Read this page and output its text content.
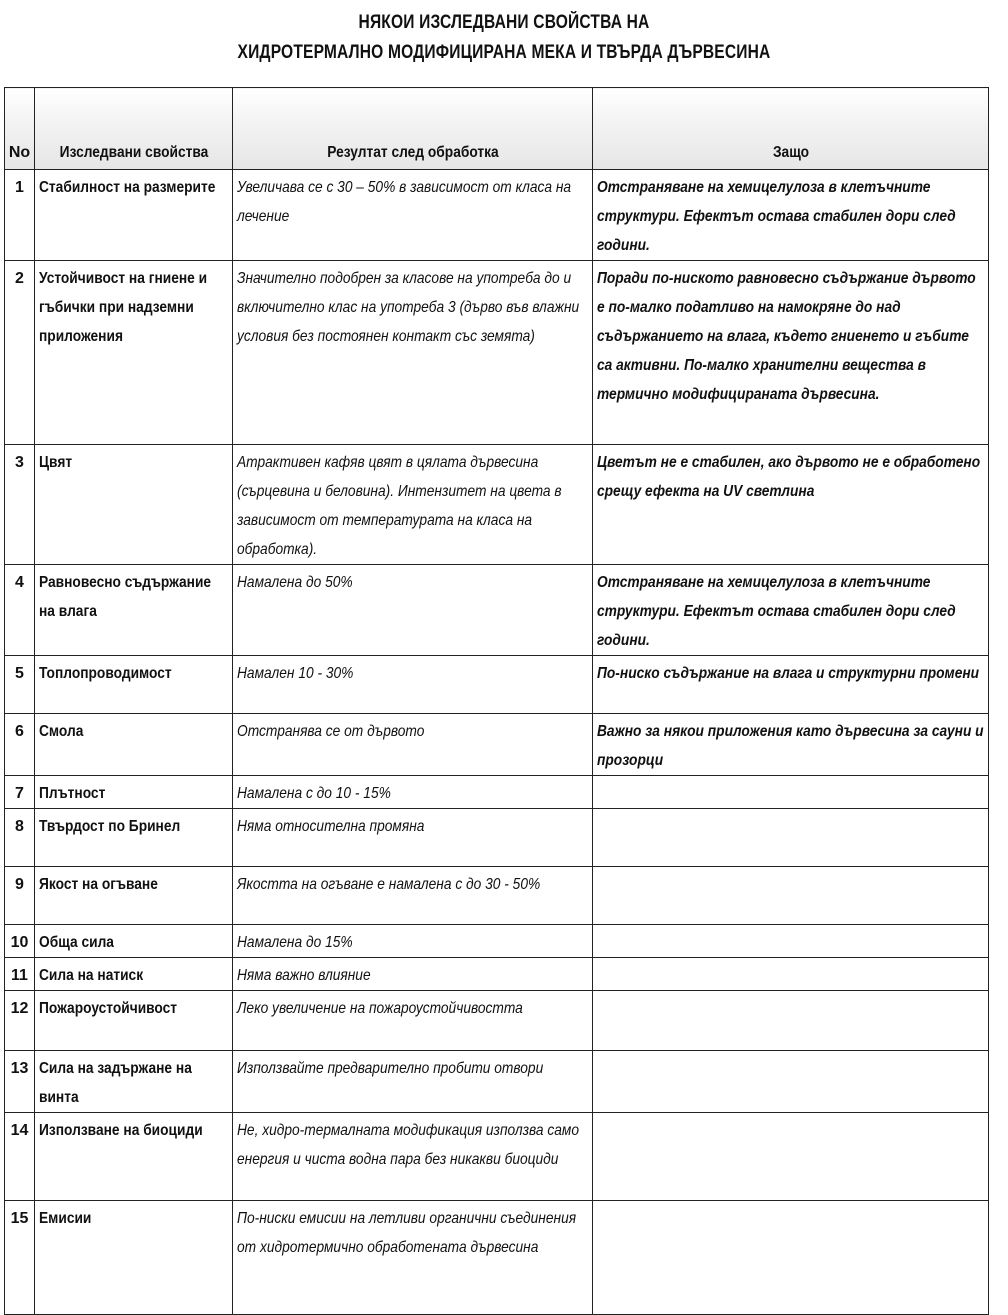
НЯКОИ ИЗСЛЕДВАНИ СВОЙСТВА НА
ХИДРОТЕРМАЛНО МОДИФИЦИРАНА МЕКА И ТВЪРДА ДЪРВЕСИНА
No	Изследвани свойства	Резултат след обработка	Защо

1	Стабилност на размерите	Увеличава се с 30 – 50% в зависимост от класа на лечение	Отстраняване на хемицелулоза в клетъчните структури. Ефектът остава стабилен дори след години.

2	Устойчивост на гниене и гъбички при надземни приложения	Значително подобрен за класове на употреба до и включително клас на употреба 3 (дърво във влажни условия без постоянен контакт със земята)	Поради по-ниското равновесно съдържание дървото е по-малко податливо на намокряне до над съдържанието на влага, където гниенето и гъбите са активни. По-малко хранителни вещества в термично модифицираната дървесина.

3	Цвят	Атрактивен кафяв цвят в цялата дървесина (сърцевина и беловина). Интензитет на цвета в зависимост от температурата на класа на обработка).	Цветът не е стабилен, ако дървото не е обработено срещу ефекта на UV светлина

4	Равновесно съдържание на влага	Намалена до 50%	Отстраняване на хемицелулоза в клетъчните структури. Ефектът остава стабилен дори след години.

5	Топлопроводимост	Намален 10 - 30%	По-ниско съдържание на влага и структурни промени

6	Смола	Отстранява се от дървото	Важно за някои приложения като дървесина за сауни и прозорци

7	Плътност	Намалена с до 10 - 15%	

8	Твърдост по Бринел	Няма относителна промяна	

9	Якост на огъване	Якостта на огъване е намалена с до 30 - 50%	

10	Обща сила	Намалена до 15%	

11	Сила на натиск	Няма важно влияние	

12	Пожароустойчивост	Леко увеличение на пожароустойчивостта	

13	Сила на задържане на винта	Използвайте предварително пробити отвори	

14	Използване на биоциди	Не, хидро-термалната модификация използва само енергия и чиста водна пара без никакви биоциди	

15	Емисии	По-ниски емисии на летливи органични съединения от хидротермично обработената дървесина	
